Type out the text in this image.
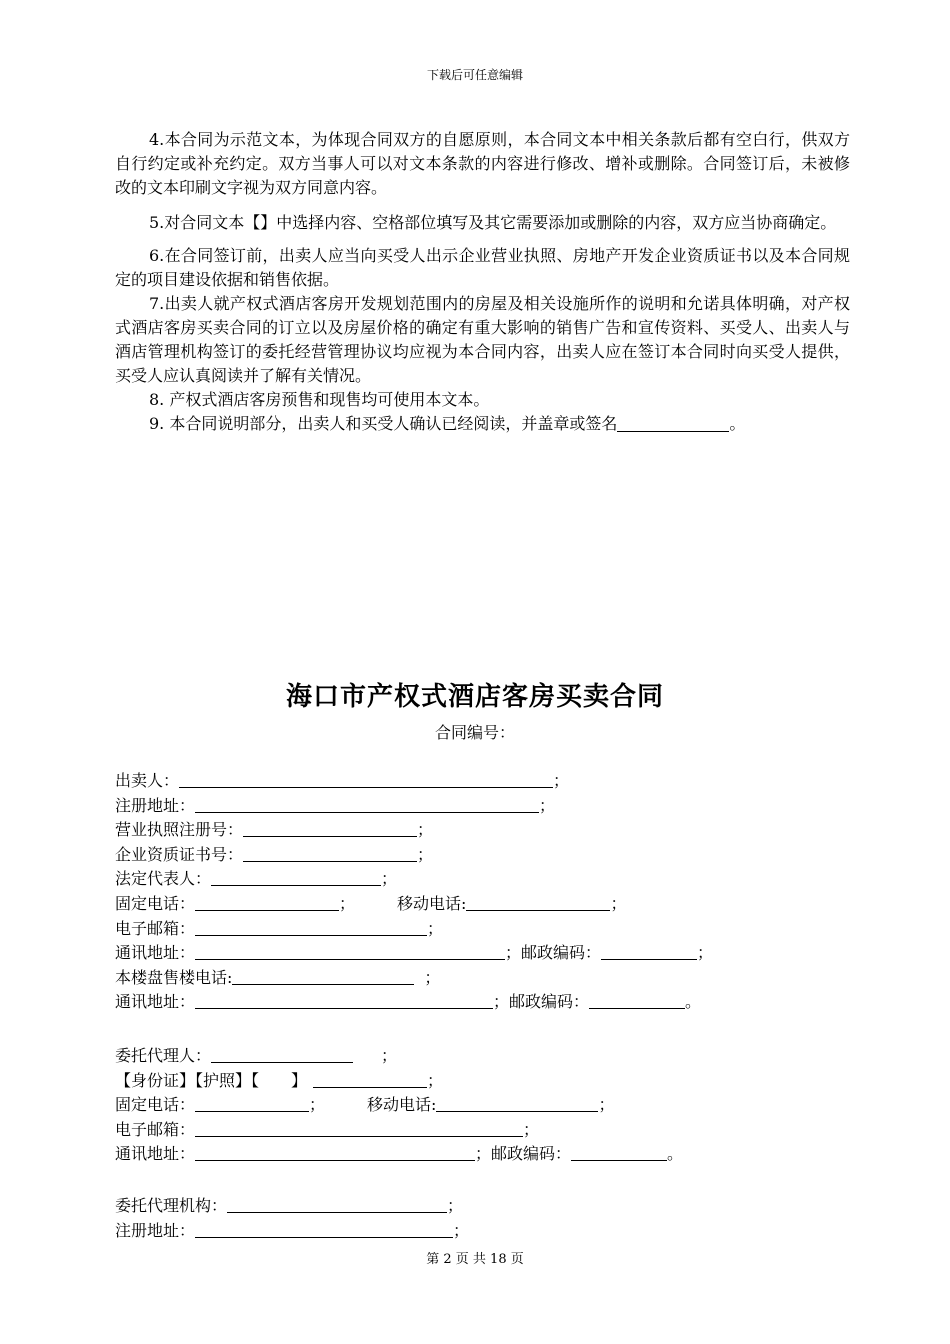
下载后可任意编辑

4.本合同为示范文本，为体现合同双方的自愿原则，本合同文本中相关条款后都有空白行，供双方自行约定或补充约定。双方当事人可以对文本条款的内容进行修改、增补或删除。合同签订后，未被修改的文本印刷文字视为双方同意内容。

5.对合同文本【】中选择内容、空格部位填写及其它需要添加或删除的内容，双方应当协商确定。

6.在合同签订前，出卖人应当向买受人出示企业营业执照、房地产开发企业资质证书以及本合同规定的项目建设依据和销售依据。

7.出卖人就产权式酒店客房开发规划范围内的房屋及相关设施所作的说明和允诺具体明确，对产权式酒店客房买卖合同的订立以及房屋价格的确定有重大影响的销售广告和宣传资料、买受人、出卖人与酒店管理机构签订的委托经营管理协议均应视为本合同内容，出卖人应在签订本合同时向买受人提供，买受人应认真阅读并了解有关情况。

8. 产权式酒店客房预售和现售均可使用本文本。

9. 本合同说明部分，出卖人和买受人确认已经阅读，并盖章或签名	。

海口市产权式酒店客房买卖合同
合同编号：
出卖人：	；
注册地址：	；
营业执照注册号：	；
企业资质证书号：	；
法定代表人：	；
固定电话：	；	移动电话:	；
电子邮箱：	；
通讯地址：	；邮政编码：	；
本楼盘售楼电话:	；
通讯地址：	；邮政编码：	。
委托代理人：	；
【身份证】【护照】【　　】	；
固定电话：	；	移动电话:	；
电子邮箱：	；
通讯地址：	；邮政编码：	。
委托代理机构：	；
注册地址：	；
第 2 页 共 18 页
